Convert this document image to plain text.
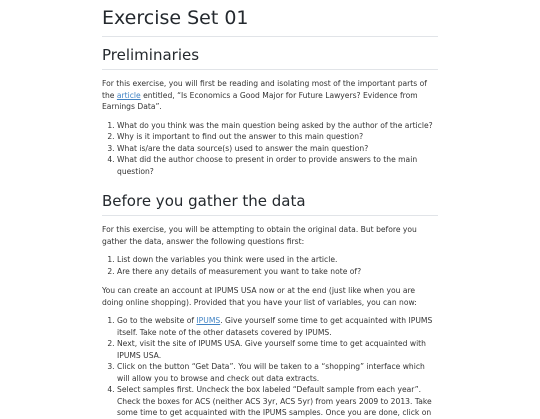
Exercise Set 01
Preliminaries

For this exercise, you will first be reading and isolating most of the important parts of the article entitled, “Is Economics a Good Major for Future Lawyers? Evidence from Earnings Data”.

1. What do you think was the main question being asked by the author of the article?
2. Why is it important to find out the answer to this main question?
3. What is/are the data source(s) used to answer the main question?
4. What did the author choose to present in order to provide answers to the main question?
Before you gather the data

For this exercise, you will be attempting to obtain the original data. But before you gather the data, answer the following questions first:

1. List down the variables you think were used in the article.
2. Are there any details of measurement you want to take note of?

You can create an account at IPUMS USA now or at the end (just like when you are doing online shopping). Provided that you have your list of variables, you can now:

1. Go to the website of IPUMS. Give yourself some time to get acquainted with IPUMS itself. Take note of the other datasets covered by IPUMS.
2. Next, visit the site of IPUMS USA. Give yourself some time to get acquainted with IPUMS USA.
3. Click on the button “Get Data”. You will be taken to a “shopping” interface which will allow you to browse and check out data extracts.
4. Select samples first. Uncheck the box labeled “Default sample from each year”. Check the boxes for ACS (neither ACS 3yr, ACS 5yr) from years 2009 to 2013. Take some time to get acquainted with the IPUMS samples. Once you are done, click on
